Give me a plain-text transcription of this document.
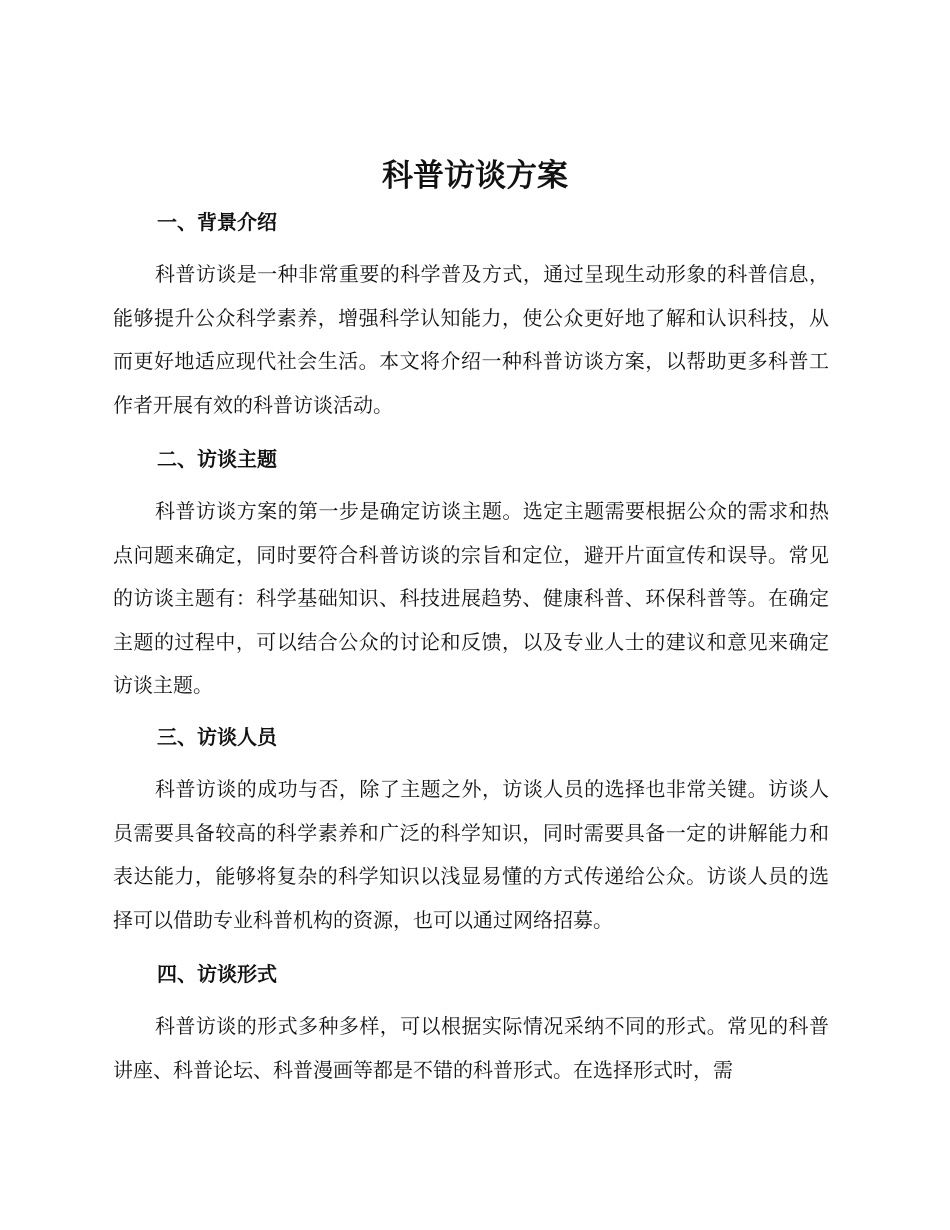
科普访谈方案
一、背景介绍
科普访谈是一种非常重要的科学普及方式，通过呈现生动形象的科普信息，能够提升公众科学素养，增强科学认知能力，使公众更好地了解和认识科技，从而更好地适应现代社会生活。本文将介绍一种科普访谈方案，以帮助更多科普工作者开展有效的科普访谈活动。
二、访谈主题
科普访谈方案的第一步是确定访谈主题。选定主题需要根据公众的需求和热点问题来确定，同时要符合科普访谈的宗旨和定位，避开片面宣传和误导。常见的访谈主题有：科学基础知识、科技进展趋势、健康科普、环保科普等。在确定主题的过程中，可以结合公众的讨论和反馈，以及专业人士的建议和意见来确定访谈主题。
三、访谈人员
科普访谈的成功与否，除了主题之外，访谈人员的选择也非常关键。访谈人员需要具备较高的科学素养和广泛的科学知识，同时需要具备一定的讲解能力和表达能力，能够将复杂的科学知识以浅显易懂的方式传递给公众。访谈人员的选择可以借助专业科普机构的资源，也可以通过网络招募。
四、访谈形式
科普访谈的形式多种多样，可以根据实际情况采纳不同的形式。常见的科普讲座、科普论坛、科普漫画等都是不错的科普形式。在选择形式时，需
